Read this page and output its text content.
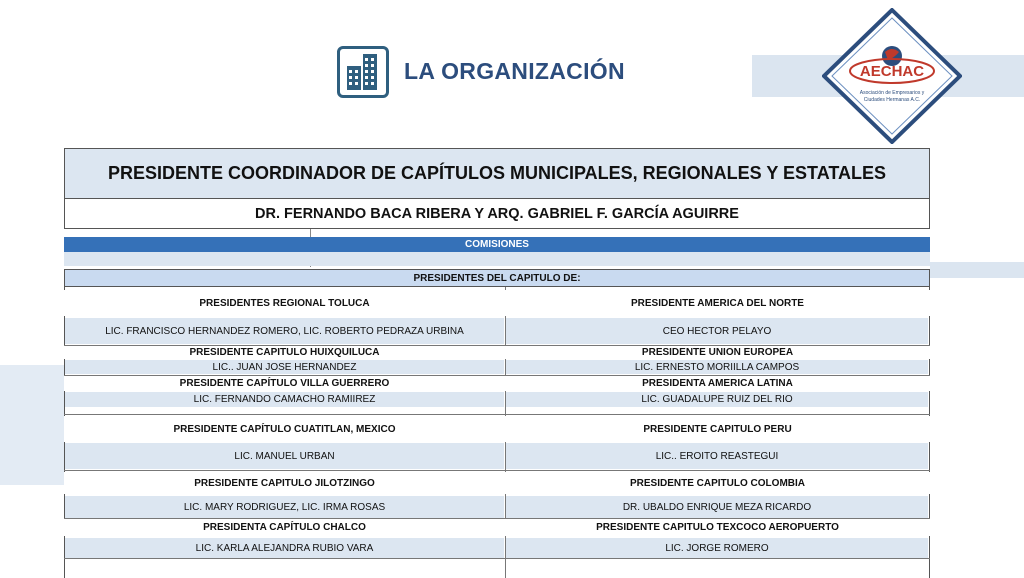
LA ORGANIZACIÓN	AECHAC
Asociación de Empresarios y
Ciudades Hermanas A.C.
PRESIDENTE COORDINADOR DE CAPÍTULOS MUNICIPALES, REGIONALES Y ESTATALES
DR. FERNANDO BACA RIBERA Y ARQ. GABRIEL F. GARCÍA AGUIRRE
COMISIONES
PRESIDENTES DEL CAPITULO DE:
PRESIDENTES REGIONAL TOLUCA	PRESIDENTE AMERICA DEL NORTE
LIC. FRANCISCO HERNANDEZ ROMERO, LIC. ROBERTO PEDRAZA URBINA	CEO HECTOR PELAYO
PRESIDENTE CAPITULO HUIXQUILUCA	PRESIDENTE UNION EUROPEA
LIC.. JUAN JOSE HERNANDEZ	LIC. ERNESTO MORIILLA CAMPOS
PRESIDENTE CAPÍTULO VILLA GUERRERO	PRESIDENTA AMERICA LATINA
LIC. FERNANDO CAMACHO RAMIIREZ	LIC. GUADALUPE RUIZ DEL RIO
PRESIDENTE CAPÍTULO CUATITLAN, MEXICO	PRESIDENTE CAPITULO PERU
LIC. MANUEL URBAN	LIC.. EROITO REASTEGUI
PRESIDENTE CAPITULO JILOTZINGO	PRESIDENTE CAPITULO COLOMBIA
LIC. MARY RODRIGUEZ, LIC. IRMA ROSAS	DR. UBALDO ENRIQUE MEZA RICARDO
PRESIDENTA CAPÍTULO CHALCO	PRESIDENTE CAPITULO TEXCOCO AEROPUERTO
LIC. KARLA ALEJANDRA RUBIO VARA	LIC. JORGE ROMERO
